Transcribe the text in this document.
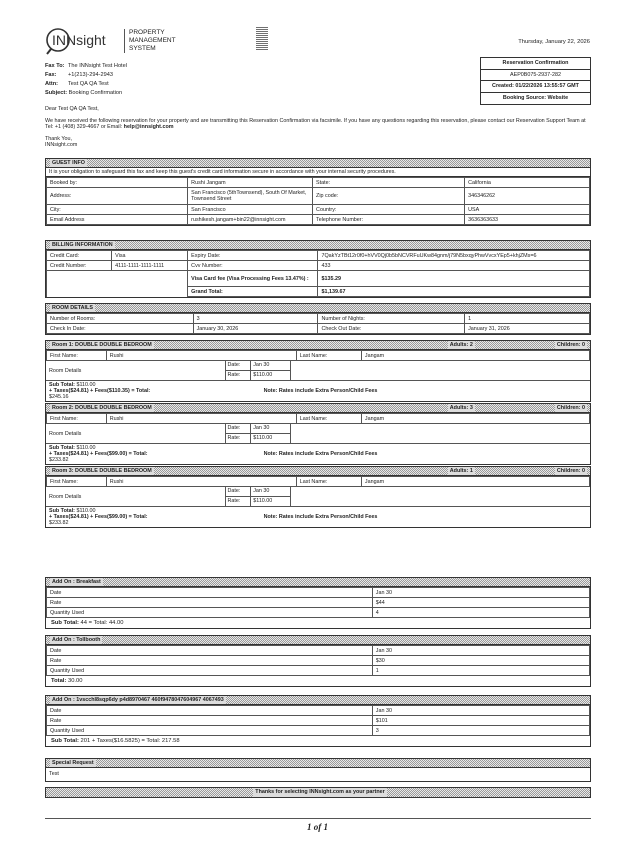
INNsight	PROPERTY
MANAGEMENT
SYSTEM
Thursday, January 22, 2026
Fax To: The INNsight Test Hotel
Fax: +1(213)-294-2943
Attn: Test QA QA Test
Subject: Booking Confirmation
Reservation Confirmation
AEP0B075-2937-282
Created: 01/22/2026 13:55:57 GMT
Booking Source: Website
Dear Test QA QA Test,
We have received the following reservation for your property and are transmitting this Reservation Confirmation via facsimile. If you have any questions regarding this reservation, please contact our Reservation Support Team at Tel: +1 (408) 329-4667 or Email: help@innsight.com
Thank You,
INNsight.com
GUEST INFO
It is your obligation to safeguard this fax and keep this guest's credit card information secure in accordance with your internal security procedures.
Booked by:	Rushi Jangam	State:	California
Address:	San Francisco (5thTownsend), South Of Market, Townsend Street	Zip code:	346346262
City:	San Francisco	Country:	USA
Email Address	rushikesh.jangam+bin22@innsight.com	Telephone Number:	3636363633
BILLING INFORMATION
Credit Card:	Visa	Expiry Date:	7QakYzTBt12r0f0+hVV0Qj0b5bNCVRFuUKw84gnm/j79N5bxqyPhwVvcxYEp5+khjZMs=6
Credit Number:	4111-1111-1111-1111	Cvv Number:	433
		Visa Card fee (Visa Processing Fees 13.47%) :	$135.29
		Grand Total:	$1,139.67
ROOM DETAILS
Number of Rooms:	3	Number of Nights:	1
Check In Date:	January 30, 2026	Check Out Date:	January 31, 2026
Room 1: DOUBLE DOUBLE BEDROOM	Adults: 2	Children: 0
First Name:	Rushi	Last Name:	Jangam
Room Details
Date:	Jan 30
Rate:	$110.00
Sub Total: $110.00
+ Taxes($24.81) + Fees($110.35) = Total:
$245.16
Note: Rates include Extra Person/Child Fees
Room 2: DOUBLE DOUBLE BEDROOM	Adults: 3	Children: 0
First Name:	Rushi	Last Name:	Jangam
Room Details
Date:	Jan 30
Rate:	$110.00
Sub Total: $110.00
+ Taxes($24.81) + Fees($99.00) = Total:
$233.82
Note: Rates include Extra Person/Child Fees
Room 3: DOUBLE DOUBLE BEDROOM	Adults: 1	Children: 0
First Name:	Rushi	Last Name:	Jangam
Room Details
Date:	Jan 30
Rate:	$110.00
Sub Total: $110.00
+ Taxes($24.81) + Fees($99.00) = Total:
$233.82
Note: Rates include Extra Person/Child Fees
Add On : Breakfast
Date	Jan 30
Rate	$44
Quantity Used	4
Sub Total: 44 = Total: 44.00
Add On : Tollbooth
Date	Jan 30
Rate	$30
Quantity Used	1
Total: 30.00
Add On : 1vscchl8sqp6dy p4d8970467 460f9478047604967 4067493
Date	Jan 30
Rate	$101
Quantity Used	3
Sub Total: 201 + Taxes($16.5825) = Total: 217.58
Special Request
Test
Thanks for selecting INNsight.com as your partner
1 of 1
